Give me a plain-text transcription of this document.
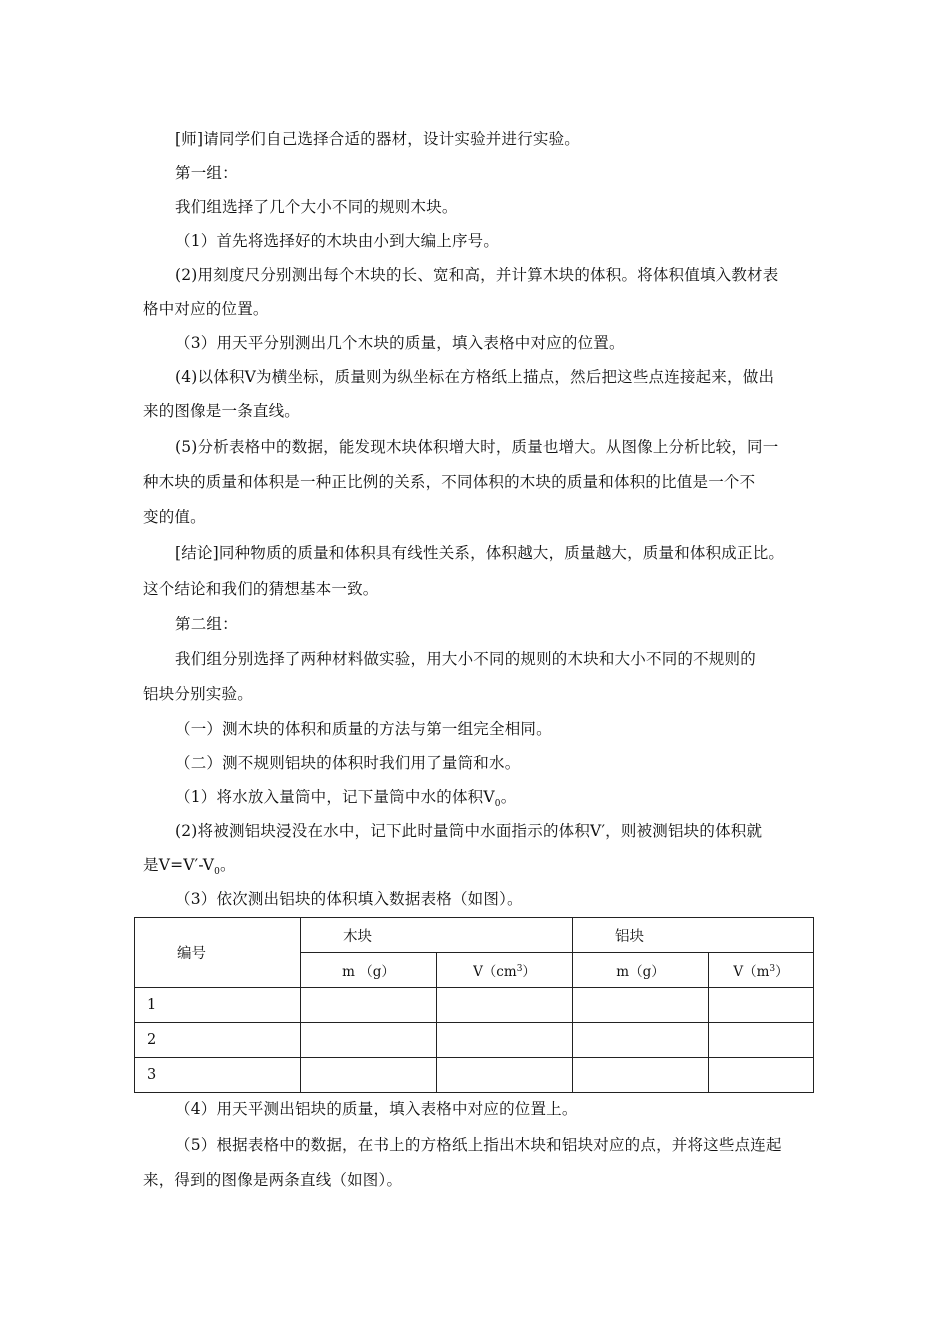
[师]请同学们自己选择合适的器材，设计实验并进行实验。
第一组：
我们组选择了几个大小不同的规则木块。
（1）首先将选择好的木块由小到大编上序号。
(2)用刻度尺分别测出每个木块的长、宽和高，并计算木块的体积。将体积值填入教材表
格中对应的位置。
（3）用天平分别测出几个木块的质量，填入表格中对应的位置。
(4)以体积V为横坐标，质量则为纵坐标在方格纸上描点，然后把这些点连接起来，做出
来的图像是一条直线。
(5)分析表格中的数据，能发现木块体积增大时，质量也增大。从图像上分析比较，同一
种木块的质量和体积是一种正比例的关系，不同体积的木块的质量和体积的比值是一个不
变的值。
[结论]同种物质的质量和体积具有线性关系，体积越大，质量越大，质量和体积成正比。
这个结论和我们的猜想基本一致。
第二组：
我们组分别选择了两种材料做实验，用大小不同的规则的木块和大小不同的不规则的
铝块分别实验。
（一）测木块的体积和质量的方法与第一组完全相同。
（二）测不规则铝块的体积时我们用了量筒和水。
（1）将水放入量筒中，记下量筒中水的体积$V_0$。
(2)将被测铝块浸没在水中，记下此时量筒中水面指示的体积V′，则被测铝块的体积就
是$V=V'-V_0$。
（3）依次测出铝块的体积填入数据表格（如图）。
编号	木块		铝块	
	m （g）	$V(cm^3)$	m（g）	$V(m^3)$
1				
2				
3				
（4）用天平测出铝块的质量，填入表格中对应的位置上。
（5）根据表格中的数据，在书上的方格纸上指出木块和铝块对应的点，并将这些点连起
来，得到的图像是两条直线（如图）。
